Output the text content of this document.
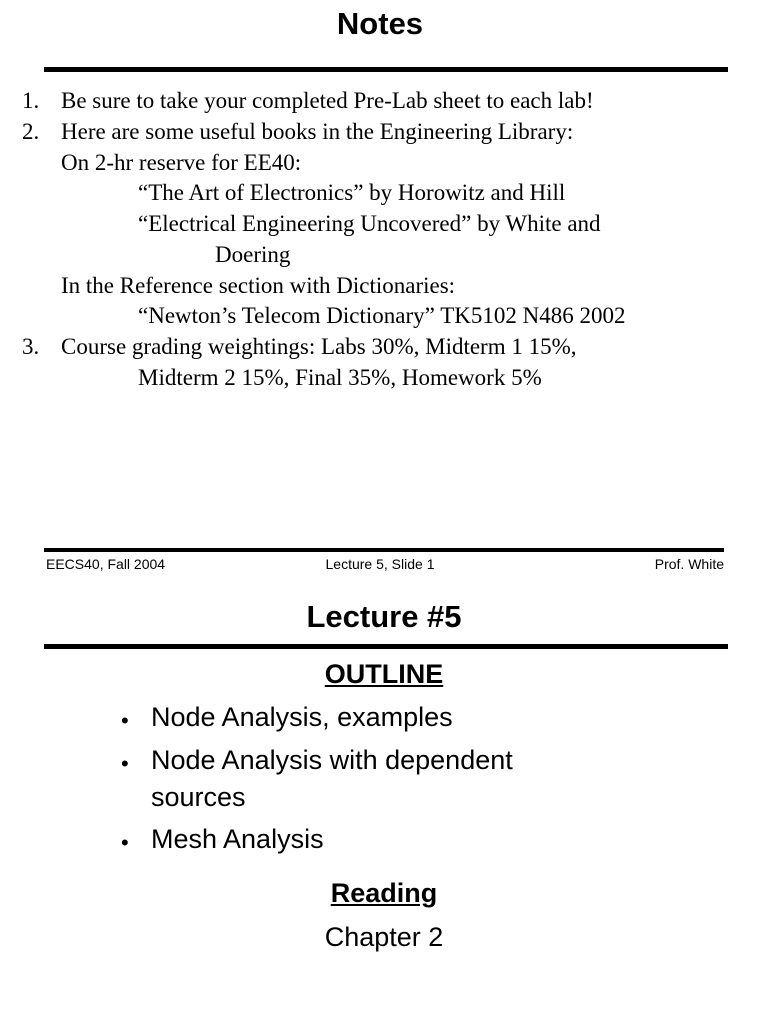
Notes
1. Be sure to take your completed Pre-Lab sheet to each lab!
2. Here are some useful books in the Engineering Library:
On 2-hr reserve for EE40:
“The Art of Electronics” by Horowitz and Hill
“Electrical Engineering Uncovered” by White and
Doering
In the Reference section with Dictionaries:
“Newton’s Telecom Dictionary” TK5102 N486 2002
3. Course grading weightings: Labs 30%, Midterm 1 15%,
Midterm 2 15%, Final 35%, Homework 5%
EECS40, Fall 2004	Lecture 5, Slide 1	Prof. White
Lecture #5
OUTLINE
• Node Analysis, examples
• Node Analysis with dependent
sources
• Mesh Analysis
Reading
Chapter 2
